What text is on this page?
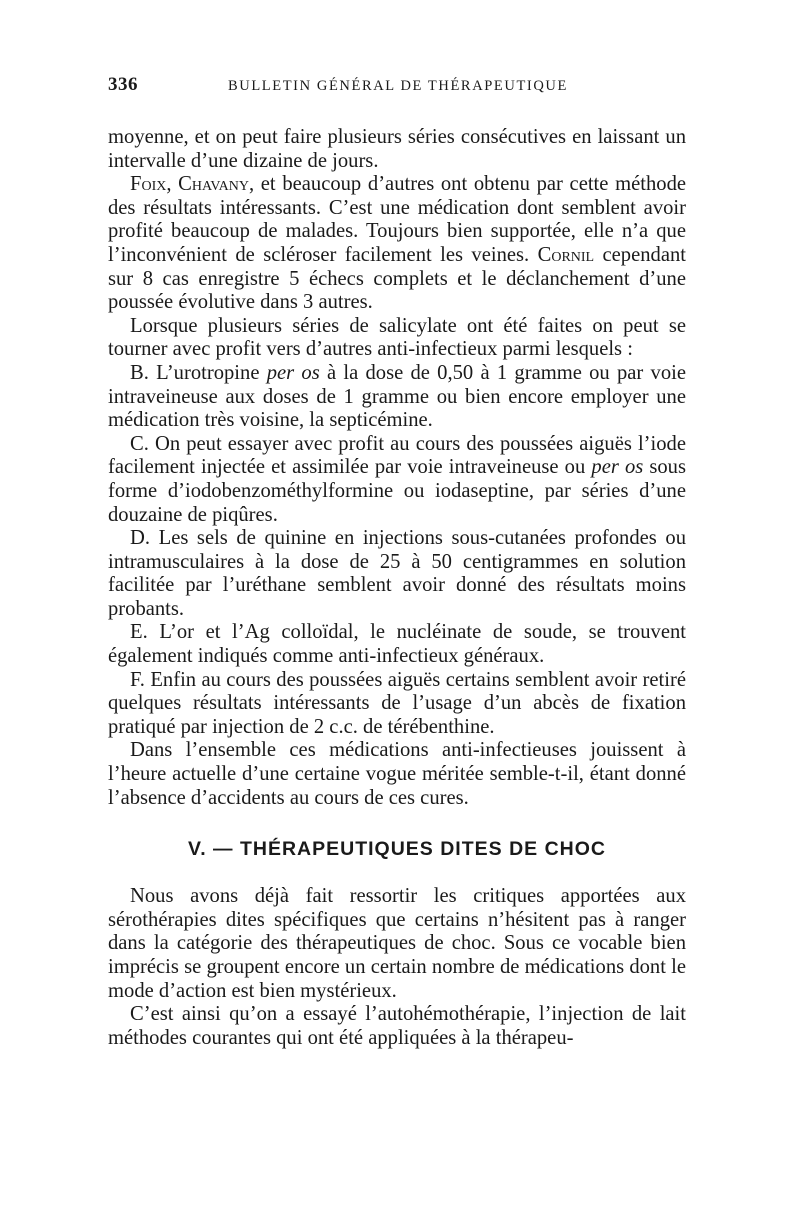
336	BULLETIN GÉNÉRAL DE THÉRAPEUTIQUE

moyenne, et on peut faire plusieurs séries consécutives en laissant un intervalle d’une dizaine de jours.

Foix, Chavany, et beaucoup d’autres ont obtenu par cette méthode des résultats intéressants. C’est une médication dont semblent avoir profité beaucoup de malades. Toujours bien supportée, elle n’a que l’inconvénient de scléroser facilement les veines. Cornil cependant sur 8 cas enregistre 5 échecs complets et le déclanchement d’une poussée évolutive dans 3 autres.

Lorsque plusieurs séries de salicylate ont été faites on peut se tourner avec profit vers d’autres anti-infectieux parmi lesquels :

B. L’urotropine per os à la dose de 0,50 à 1 gramme ou par voie intraveineuse aux doses de 1 gramme ou bien encore employer une médication très voisine, la septicémine.

C. On peut essayer avec profit au cours des poussées aiguës l’iode facilement injectée et assimilée par voie intraveineuse ou per os sous forme d’iodobenzométhylformine ou iodaseptine, par séries d’une douzaine de piqûres.

D. Les sels de quinine en injections sous-cutanées profondes ou intramusculaires à la dose de 25 à 50 centigrammes en solution facilitée par l’uréthane semblent avoir donné des résultats moins probants.

E. L’or et l’Ag colloïdal, le nucléinate de soude, se trouvent également indiqués comme anti-infectieux généraux.

F. Enfin au cours des poussées aiguës certains semblent avoir retiré quelques résultats intéressants de l’usage d’un abcès de fixation pratiqué par injection de 2 c.c. de térébenthine.

Dans l’ensemble ces médications anti-infectieuses jouissent à l’heure actuelle d’une certaine vogue méritée semble-t-il, étant donné l’absence d’accidents au cours de ces cures.

V. — THÉRAPEUTIQUES DITES DE CHOC

Nous avons déjà fait ressortir les critiques apportées aux sérothérapies dites spécifiques que certains n’hésitent pas à ranger dans la catégorie des thérapeutiques de choc. Sous ce vocable bien imprécis se groupent encore un certain nombre de médications dont le mode d’action est bien mystérieux.

C’est ainsi qu’on a essayé l’autohémothérapie, l’injection de lait méthodes courantes qui ont été appliquées à la thérapeu-
